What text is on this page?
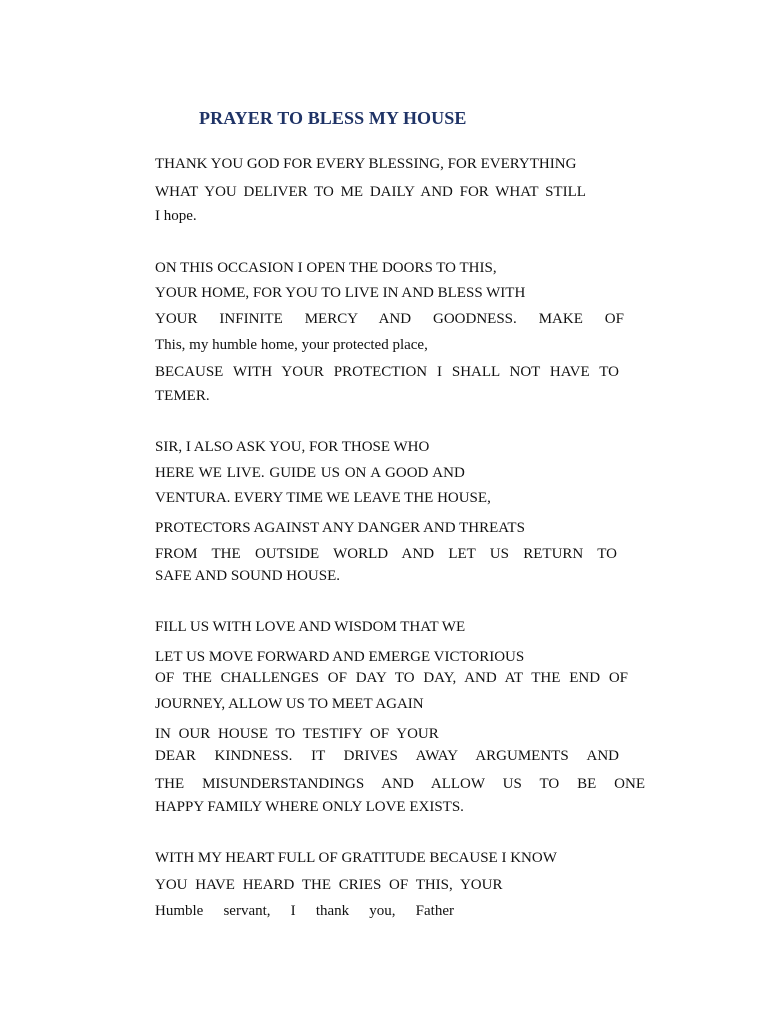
PRAYER TO BLESS MY HOUSE
THANK YOU GOD FOR EVERY BLESSING, FOR EVERYTHING
WHAT YOU DELIVER TO ME DAILY AND FOR WHAT STILL
I hope.
ON THIS OCCASION I OPEN THE DOORS TO THIS,
YOUR HOME, FOR YOU TO LIVE IN AND BLESS WITH
YOUR INFINITE MERCY AND GOODNESS. MAKE OF
This, my humble home, your protected place,
BECAUSE WITH YOUR PROTECTION I SHALL NOT HAVE TO
TEMER.
SIR, I ALSO ASK YOU, FOR THOSE WHO
HERE WE LIVE. GUIDE US ON A GOOD AND
VENTURA. EVERY TIME WE LEAVE THE HOUSE,
PROTECTORS AGAINST ANY DANGER AND THREATS
FROM THE OUTSIDE WORLD AND LET US RETURN TO
SAFE AND SOUND HOUSE.
FILL US WITH LOVE AND WISDOM THAT WE
LET US MOVE FORWARD AND EMERGE VICTORIOUS
OF THE CHALLENGES OF DAY TO DAY, AND AT THE END OF
JOURNEY, ALLOW US TO MEET AGAIN
IN OUR HOUSE TO TESTIFY OF YOUR
DEAR KINDNESS. IT DRIVES AWAY ARGUMENTS AND
THE MISUNDERSTANDINGS AND ALLOW US TO BE ONE
HAPPY FAMILY WHERE ONLY LOVE EXISTS.
WITH MY HEART FULL OF GRATITUDE BECAUSE I KNOW
YOU HAVE HEARD THE CRIES OF THIS, YOUR
Humble servant, I thank you, Father
